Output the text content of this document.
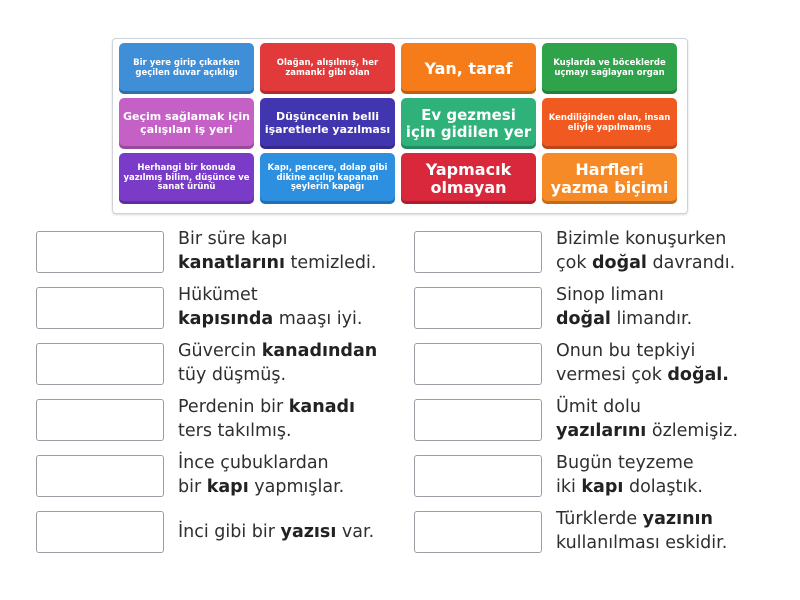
Bir yere girip çıkarken geçilen duvar açıklığı
Olağan, alışılmış, her zamanki gibi olan	Yan, taraf	Kuşlarda ve böceklerde uçmayı sağlayan organ
Geçim sağlamak için çalışılan iş yeri
Düşüncenin belli işaretlerle yazılması
Ev gezmesi için gidilen yer
Kendiliğinden olan, insan eliyle yapılmamış
Herhangi bir konuda yazılmış bilim, düşünce ve sanat ürünü
Kapı, pencere, dolap gibi dikine açılıp kapanan şeylerin kapağı
Yapmacık olmayan
Harfleri yazma biçimi
Bir süre kapı
kanatlarını temizledi.
Hükümet
kapısında maaşı iyi.
Güvercin kanadından
tüy düşmüş.
Perdenin bir kanadı
ters takılmış.
İnce çubuklardan
bir kapı yapmışlar.
İnci gibi bir yazısı var.
Bizimle konuşurken
çok doğal davrandı.
Sinop limanı
doğal limandır.
Onun bu tepkiyi
vermesi çok doğal.
Ümit dolu
yazılarını özlemişiz.
Bugün teyzeme
iki kapı dolaştık.
Türklerde yazının
kullanılması eskidir.
